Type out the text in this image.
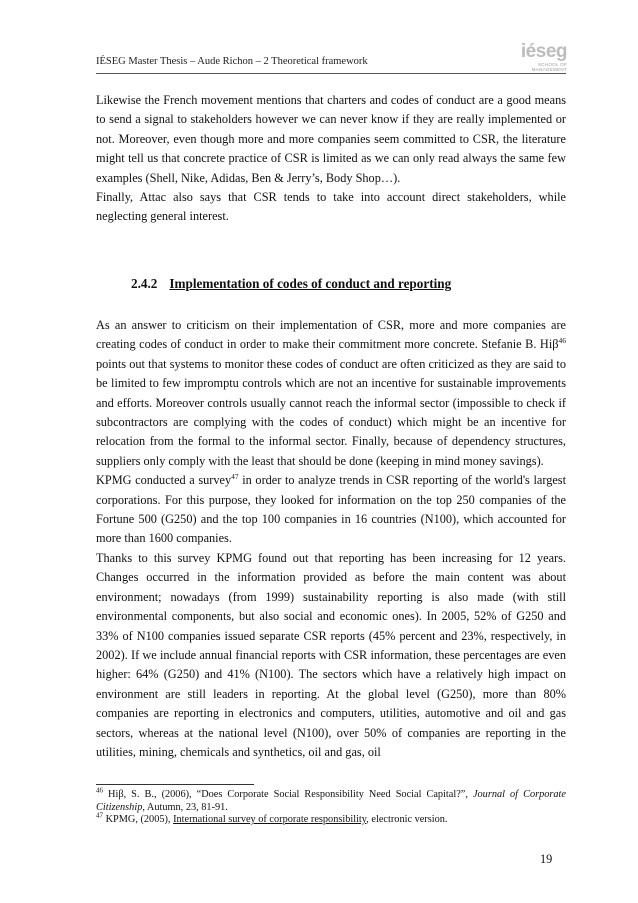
IÉSEG Master Thesis – Aude Richon – 2 Theoretical framework	iéseg
SCHOOL OF MANAGEMENT

Likewise the French movement mentions that charters and codes of conduct are a good means to send a signal to stakeholders however we can never know if they are really implemented or not. Moreover, even though more and more companies seem committed to CSR, the literature might tell us that concrete practice of CSR is limited as we can only read always the same few examples (Shell, Nike, Adidas, Ben & Jerry’s, Body Shop…).

Finally, Attac also says that CSR tends to take into account direct stakeholders, while neglecting general interest.

2.4.2 Implementation of codes of conduct and reporting

As an answer to criticism on their implementation of CSR, more and more companies are creating codes of conduct in order to make their commitment more concrete. Stefanie B. Hiβ$^{46}$ points out that systems to monitor these codes of conduct are often criticized as they are said to be limited to few impromptu controls which are not an incentive for sustainable improvements and efforts. Moreover controls usually cannot reach the informal sector (impossible to check if subcontractors are complying with the codes of conduct) which might be an incentive for relocation from the formal to the informal sector. Finally, because of dependency structures, suppliers only comply with the least that should be done (keeping in mind money savings).

KPMG conducted a survey$^{47}$ in order to analyze trends in CSR reporting of the world's largest corporations. For this purpose, they looked for information on the top 250 companies of the Fortune 500 (G250) and the top 100 companies in 16 countries (N100), which accounted for more than 1600 companies.

Thanks to this survey KPMG found out that reporting has been increasing for 12 years. Changes occurred in the information provided as before the main content was about environment; nowadays (from 1999) sustainability reporting is also made (with still environmental components, but also social and economic ones). In 2005, 52% of G250 and 33% of N100 companies issued separate CSR reports (45% percent and 23%, respectively, in 2002). If we include annual financial reports with CSR information, these percentages are even higher: 64% (G250) and 41% (N100). The sectors which have a relatively high impact on environment are still leaders in reporting. At the global level (G250), more than 80% companies are reporting in electronics and computers, utilities, automotive and oil and gas sectors, whereas at the national level (N100), over 50% of companies are reporting in the utilities, mining, chemicals and synthetics, oil and gas, oil

$^{46}$ Hiβ, S. B., (2006), “Does Corporate Social Responsibility Need Social Capital?”, Journal of Corporate Citizenship, Autumn, 23, 81-91.

$^{47}$ KPMG, (2005), International survey of corporate responsibility, electronic version.

19
